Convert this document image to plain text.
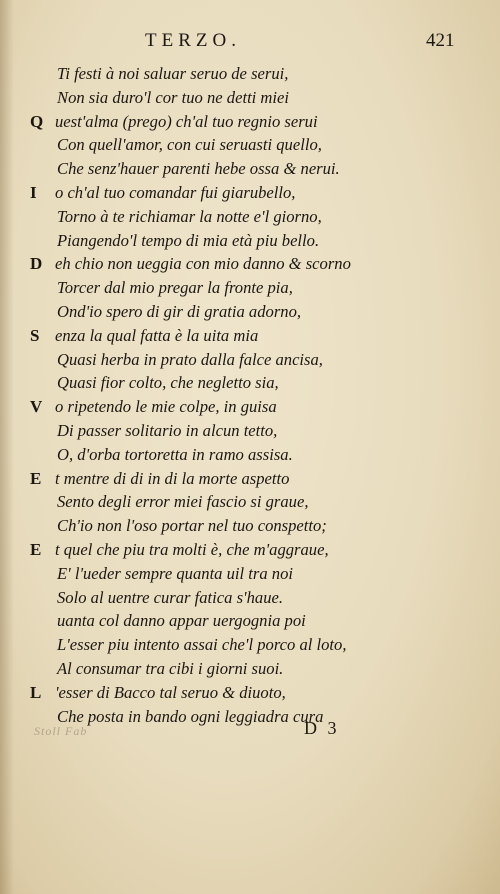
TERZO.	421
Ti festi à noi saluar seruo de serui,
Non sia duro'l cor tuo ne detti miei
Q uest'alma (prego) ch'al tuo regnio serui
Con quell'amor, con cui seruasti quello,
Che senz'hauer parenti hebe ossa & nerui.
I o ch'al tuo comandar fui giarubello,
Torno à te richiamar la notte e'l giorno,
Piangendo'l tempo di mia età piu bello.
D eh chio non ueggia con mio danno & scorno
Torcer dal mio pregar la fronte pia,
Ond'io spero di gir di gratia adorno,
S enza la qual fatta è la uita mia
Quasi herba in prato dalla falce ancisa,
Quasi fior colto, che negletto sia,
V o ripetendo le mie colpe, in guisa
Di passer solitario in alcun tetto,
O, d'orba tortoretta in ramo assisa.
E t mentre di di in di la morte aspetto
Sento degli error miei fascio si graue,
Ch'io non l'oso portar nel tuo conspetto;
E t quel che piu tra molti è, che m'aggraue,
E' l'ueder sempre quanta uil tra noi
Solo al uentre curar fatica s'haue.
uanta col danno appar uergognia poi
L'esser piu intento assai che'l porco al loto,
Al consumar tra cibi i giorni suoi.
L 'esser di Bacco tal seruo & diuoto,
Che posta in bando ogni leggiadra cura
Stoll Fab	D 3
